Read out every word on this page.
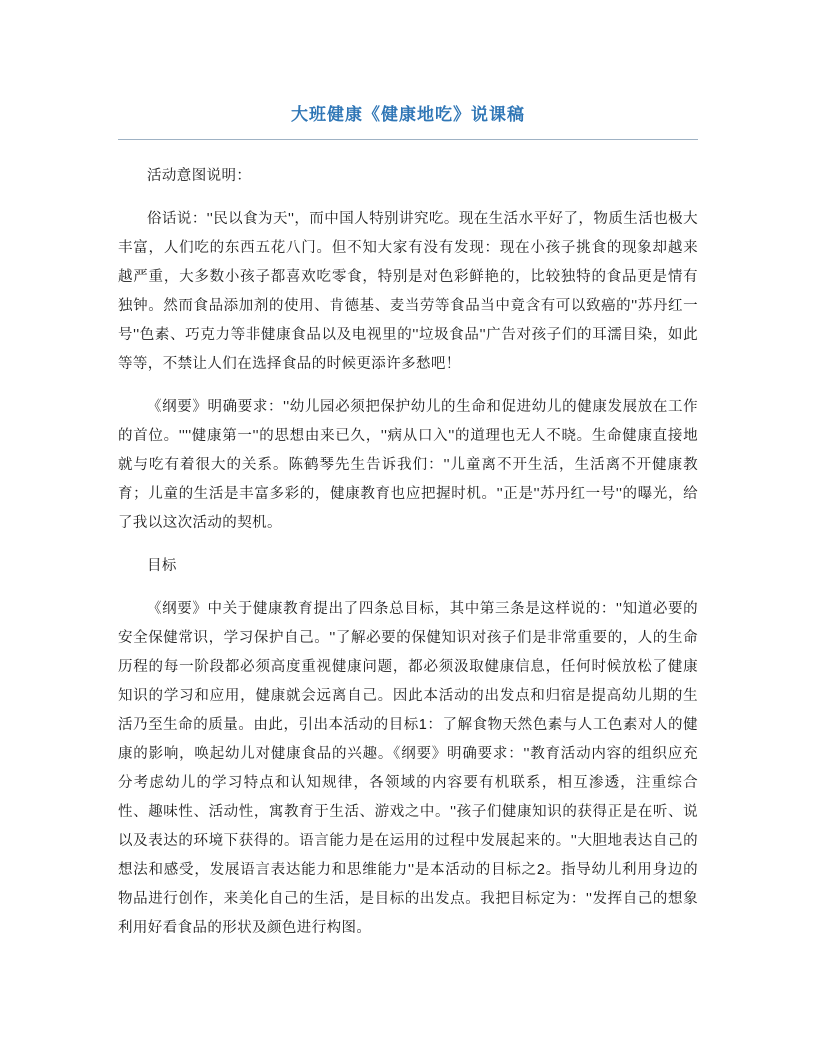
大班健康《健康地吃》说课稿

活动意图说明：

俗话说：''民以食为天''，而中国人特别讲究吃。现在生活水平好了，物质生活也极大丰富，人们吃的东西五花八门。但不知大家有没有发现：现在小孩子挑食的现象却越来越严重，大多数小孩子都喜欢吃零食，特别是对色彩鲜艳的，比较独特的食品更是情有独钟。然而食品添加剂的使用、肯德基、麦当劳等食品当中竟含有可以致癌的''苏丹红一号''色素、巧克力等非健康食品以及电视里的''垃圾食品''广告对孩子们的耳濡目染，如此等等，不禁让人们在选择食品的时候更添许多愁吧！

《纲要》明确要求：''幼儿园必须把保护幼儿的生命和促进幼儿的健康发展放在工作的首位。''''健康第一''的思想由来已久，''病从口入''的道理也无人不晓。生命健康直接地就与吃有着很大的关系。陈鹤琴先生告诉我们：''儿童离不开生活，生活离不开健康教育；儿童的生活是丰富多彩的，健康教育也应把握时机。''正是''苏丹红一号''的曝光，给了我以这次活动的契机。

目标

《纲要》中关于健康教育提出了四条总目标，其中第三条是这样说的：''知道必要的安全保健常识，学习保护自己。''了解必要的保健知识对孩子们是非常重要的，人的生命历程的每一阶段都必须高度重视健康问题，都必须汲取健康信息，任何时候放松了健康知识的学习和应用，健康就会远离自己。因此本活动的出发点和归宿是提高幼儿期的生活乃至生命的质量。由此，引出本活动的目标1：了解食物天然色素与人工色素对人的健康的影响，唤起幼儿对健康食品的兴趣。《纲要》明确要求：''教育活动内容的组织应充分考虑幼儿的学习特点和认知规律，各领域的内容要有机联系，相互渗透，注重综合性、趣味性、活动性，寓教育于生活、游戏之中。''孩子们健康知识的获得正是在听、说以及表达的环境下获得的。语言能力是在运用的过程中发展起来的。''大胆地表达自己的想法和感受，发展语言表达能力和思维能力''是本活动的目标之2。指导幼儿利用身边的物品进行创作，来美化自己的生活，是目标的出发点。我把目标定为：''发挥自己的想象利用好看食品的形状及颜色进行构图。
